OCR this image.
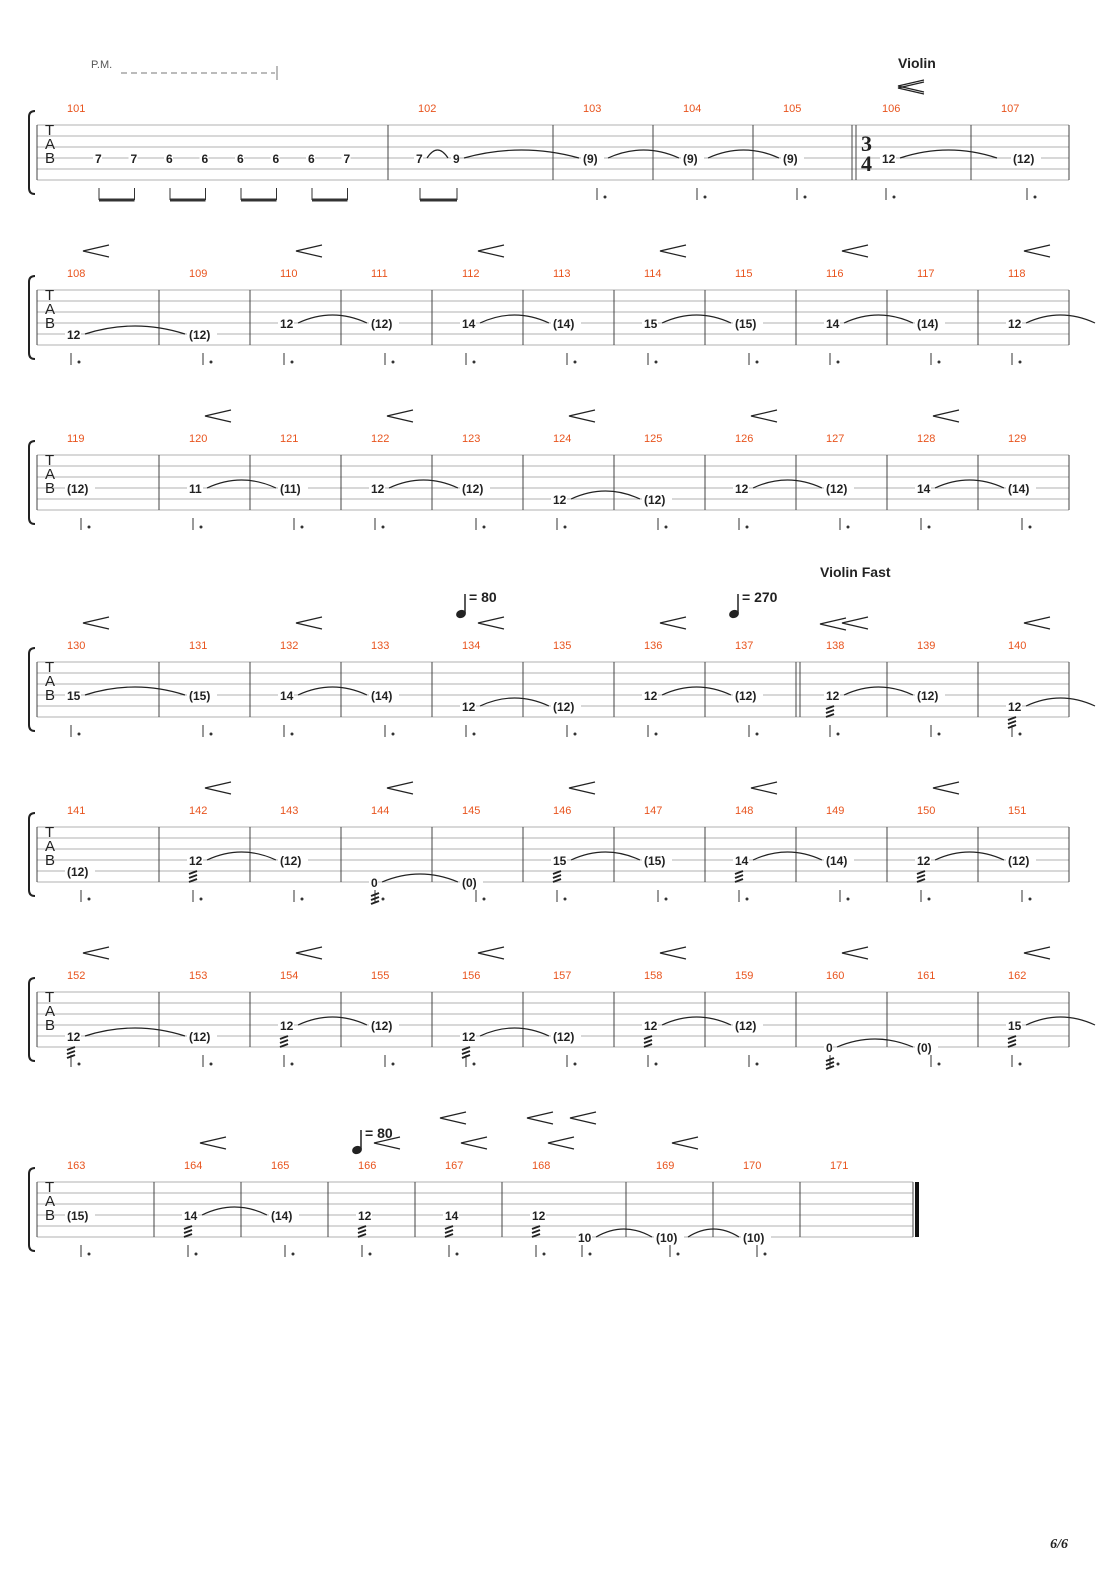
T
A
B
101
7 7 6 6 6 6 6 7
102
7	9
103
(9)
104
(9)
105
(9)
106
12
107
(12)
3
4
T
A
B
108
12
109
(12)
110
12
111
(12)
112
14
113
(14)
114
15
115
(15)
116
14
117
(14)
118
12
T
A
B
119
(12)
120
11
121
(11)
122
12
123
(12)
124
12
125
(12)
126
12
127
(12)
128
14
129
(14)
T
A
B
130
15
131
(15)
132
14
133
(14)
134
12
135
(12)
136
12
137
(12)
138
12
139
(12)
140
12
T
A
B
141
(12)
142
12
143
(12)
144
0
145
(0)
146
15
147
(15)
148
14
149
(14)
150
12
151
(12)
T
A
B
152
12
153
(12)
154
12
155
(12)
156
12
157
(12)
158
12
159
(12)
160
0
161
(0)
162
15
T
A
B
163
(15)
164
14
165
(14)
166
12
167
14
168
12
10
169
(10)
170
(10)
171
P.M.	Violin
Violin Fast
= 80	= 270
= 80
6/6
